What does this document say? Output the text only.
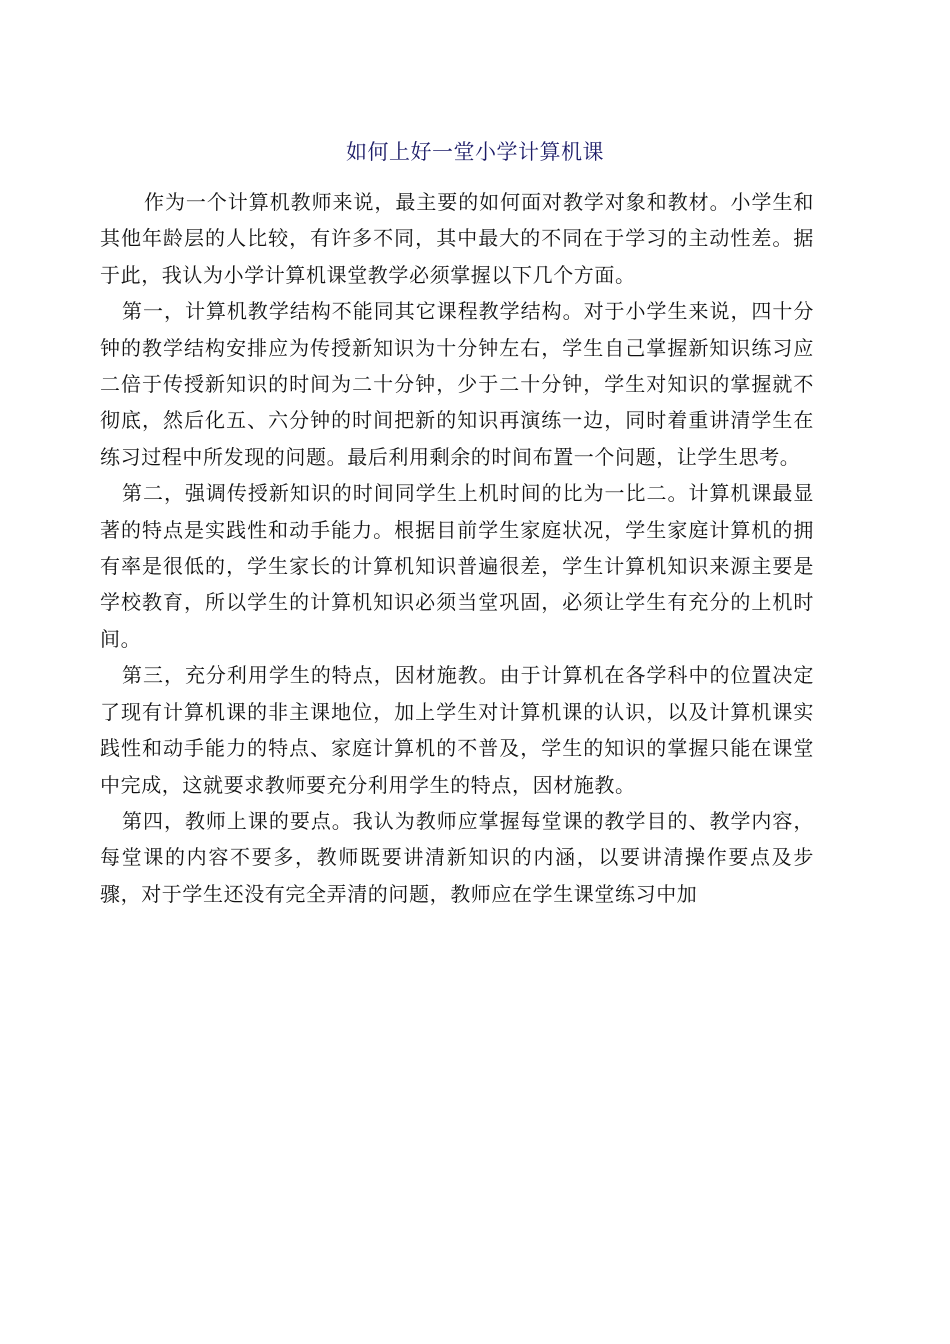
如何上好一堂小学计算机课

作为一个计算机教师来说，最主要的如何面对教学对象和教材。小学生和其他年龄层的人比较，有许多不同，其中最大的不同在于学习的主动性差。据于此，我认为小学计算机课堂教学必须掌握以下几个方面。

第一，计算机教学结构不能同其它课程教学结构。对于小学生来说，四十分钟的教学结构安排应为传授新知识为十分钟左右，学生自己掌握新知识练习应二倍于传授新知识的时间为二十分钟，少于二十分钟，学生对知识的掌握就不彻底，然后化五、六分钟的时间把新的知识再演练一边，同时着重讲清学生在练习过程中所发现的问题。最后利用剩余的时间布置一个问题，让学生思考。

第二，强调传授新知识的时间同学生上机时间的比为一比二。计算机课最显著的特点是实践性和动手能力。根据目前学生家庭状况，学生家庭计算机的拥有率是很低的，学生家长的计算机知识普遍很差，学生计算机知识来源主要是学校教育，所以学生的计算机知识必须当堂巩固，必须让学生有充分的上机时间。

第三，充分利用学生的特点，因材施教。由于计算机在各学科中的位置决定了现有计算机课的非主课地位，加上学生对计算机课的认识，以及计算机课实践性和动手能力的特点、家庭计算机的不普及，学生的知识的掌握只能在课堂中完成，这就要求教师要充分利用学生的特点，因材施教。

第四，教师上课的要点。我认为教师应掌握每堂课的教学目的、教学内容，每堂课的内容不要多，教师既要讲清新知识的内涵，以要讲清操作要点及步骤，对于学生还没有完全弄清的问题，教师应在学生课堂练习中加
